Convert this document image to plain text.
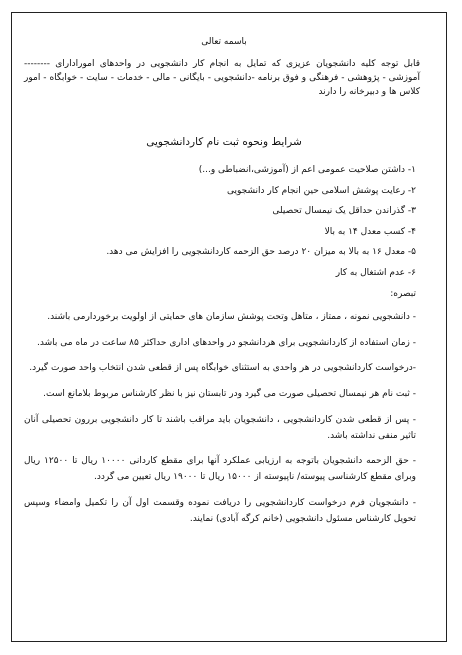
باسمه تعالی
قابل توجه کلیه دانشجویان عزیزی که تمایل به انجام کار دانشجویی در واحدهای امورادارای -------- آموزشی - پژوهشی - فرهنگی و فوق برنامه -دانشجویی - بایگانی - مالی - خدمات - سایت - خوابگاه - امور کلاس ها و دبیرخانه را دارند
شرایط ونحوه ثبت نام کاردانشجویی
۱- داشتن صلاحیت عمومی اعم از (آموزشی،انضباطی و...)
۲- رعایت پوشش اسلامی حین انجام کار دانشجویی
۳- گذراندن حداقل یک نیمسال تحصیلی
۴- کسب معدل ۱۴ به بالا
۵- معدل ۱۶ به بالا به میزان ۲۰ درصد حق الزحمه کاردانشجویی را افزایش می دهد.
۶- عدم اشتغال به کار
تبصره:
- دانشجویی نمونه ، ممتاز ، متاهل وتحت پوشش سازمان های حمایتی از اولویت برخوردارمی باشند.
- زمان استفاده از کاردانشجویی برای هردانشجو در واحدهای اداری حداکثر ۸۵ ساعت در ماه می باشد.
-درخواست کاردانشجویی در هر واحدی به استثنای خوابگاه پس از قطعی شدن انتخاب واحد صورت گیرد.
- ثبت نام هر نیمسال تحصیلی صورت می گیرد ودر تابستان نیز با نظر کارشناس مربوط بلامانع است.
- پس از قطعی شدن کاردانشجویی ، دانشجویان باید مراقب باشند تا کار دانشجویی بررون تحصیلی آنان تاثیر منفی نداشته باشد.
- حق الزحمه دانشجویان باتوجه به ارزیابی عملکرد آنها برای مقطع کاردانی ۱۰۰۰۰ ریال تا ۱۲۵۰۰ ریال وبرای مقطع کارشناسی پیوسته/ ناپیوسته از ۱۵۰۰۰ ریال تا ۱۹۰۰۰ ریال تعیین می گردد.
- دانشجویان فرم درخواست کاردانشجویی را دریافت نموده وقسمت اول آن را تکمیل وامضاء وسپس تحویل کارشناس مسئول دانشجویی (خانم کرگه آبادی) نمایند.
